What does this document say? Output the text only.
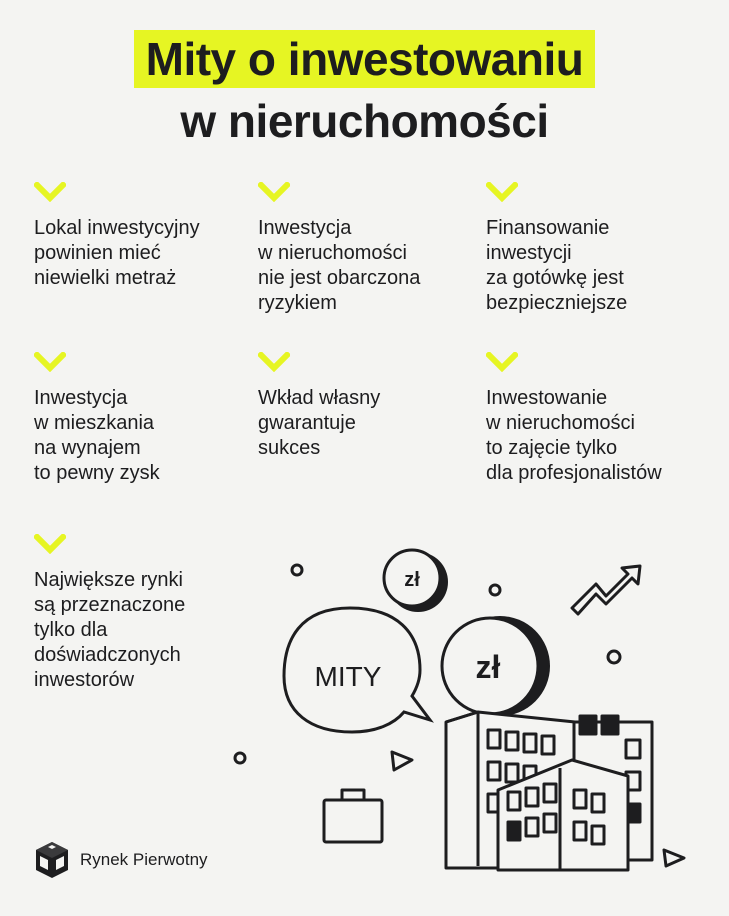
Mity o inwestowaniu
w nieruchomości
Lokal inwestycyjny
powinien mieć
niewielki metraż
Inwestycja
w nieruchomości
nie jest obarczona
ryzykiem
Finansowanie
inwestycji
za gotówkę jest
bezpieczniejsze
Inwestycja
w mieszkania
na wynajem
to pewny zysk
Wkład własny
gwarantuje
sukces
Inwestowanie
w nieruchomości
to zajęcie tylko
dla profesjonalistów
Największe rynki
są przeznaczone
tylko dla
doświadczonych
inwestorów
zł
MITY	zł
Rynek Pierwotny
